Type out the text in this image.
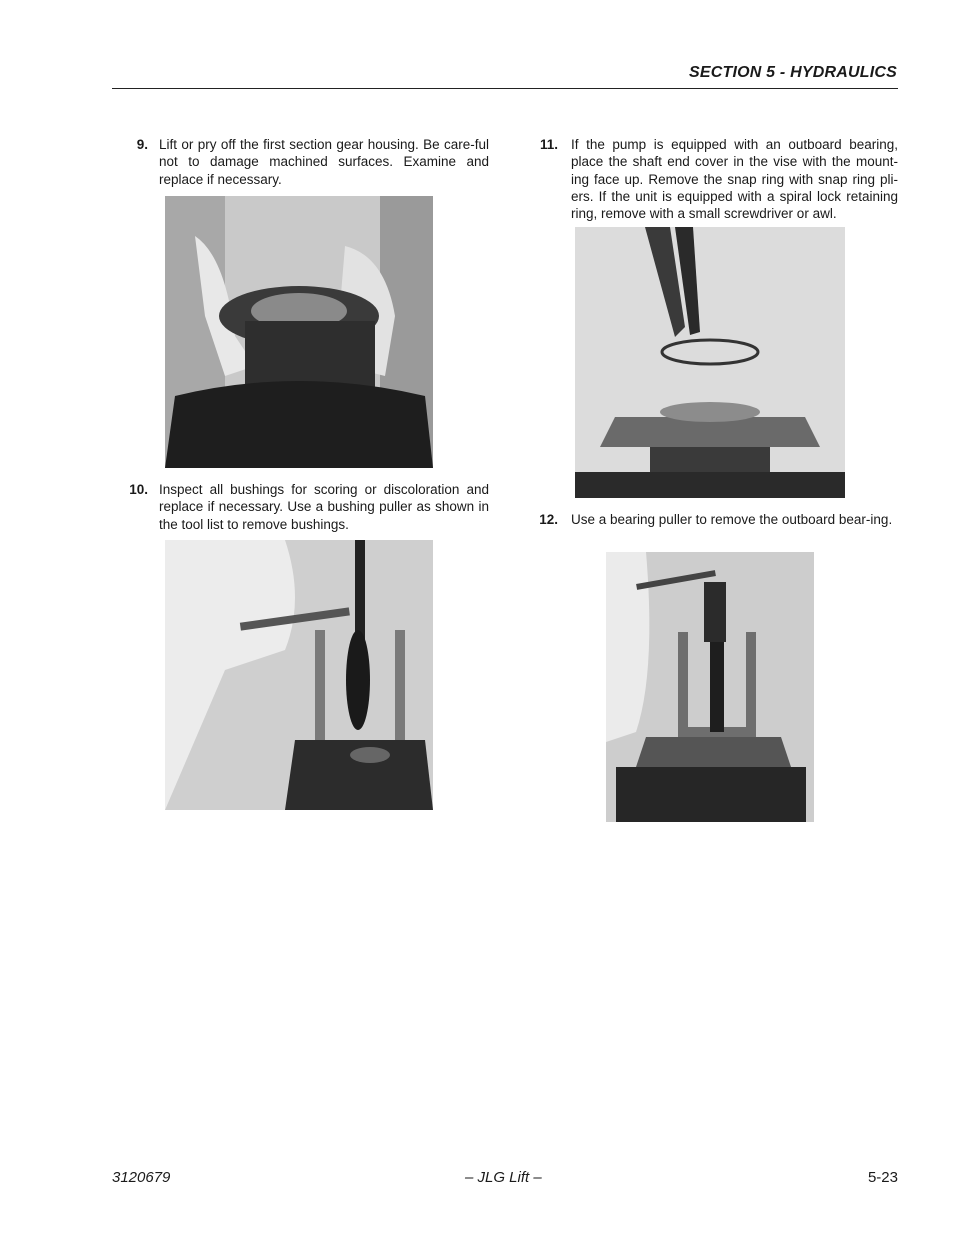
SECTION 5 - HYDRAULICS
9. Lift or pry off the first section gear housing. Be care-ful not to damage machined surfaces. Examine and replace if necessary.
10. Inspect all bushings for scoring or discoloration and replace if necessary. Use a bushing puller as shown in the tool list to remove bushings.
11. If the pump is equipped with an outboard bearing, place the shaft end cover in the vise with the mount-ing face up. Remove the snap ring with snap ring pli-ers. If the unit is equipped with a spiral lock retaining ring, remove with a small screwdriver or awl.
12. Use a bearing puller to remove the outboard bear-ing.
3120679	– JLG Lift –	5-23
